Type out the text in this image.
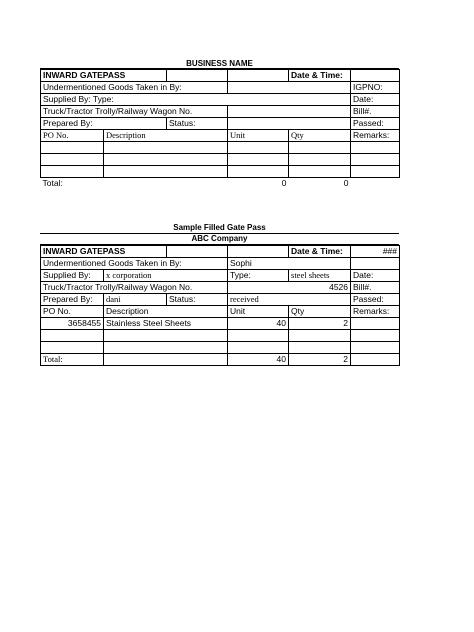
BUSINESS NAME
INWARD GATEPASS				Date & Time:	
Undermentioned Goods Taken in By:					IGPNO:
Supplied By: Type:					Date:
Truck/Tractor Trolly/Railway Wagon No.					Bill#.
Prepared By:		Status:			Passed:
PO No.	Description		Unit	Qty	Remarks:

Total:			0	0	
Sample Filled Gate Pass
ABC Company
INWARD GATEPASS				Date & Time:	###
Undermentioned Goods Taken in By:			Sophi		
Supplied By:	x corporation		Type:	steel sheets	Date:
Truck/Tractor Trolly/Railway Wagon No.			4526		Bill#.
Prepared By:	dani	Status:	received		Passed:
PO No.	Description		Unit	Qty	Remarks:
3658455	Stainless Steel Sheets		40	2	

Total:			40	2	
